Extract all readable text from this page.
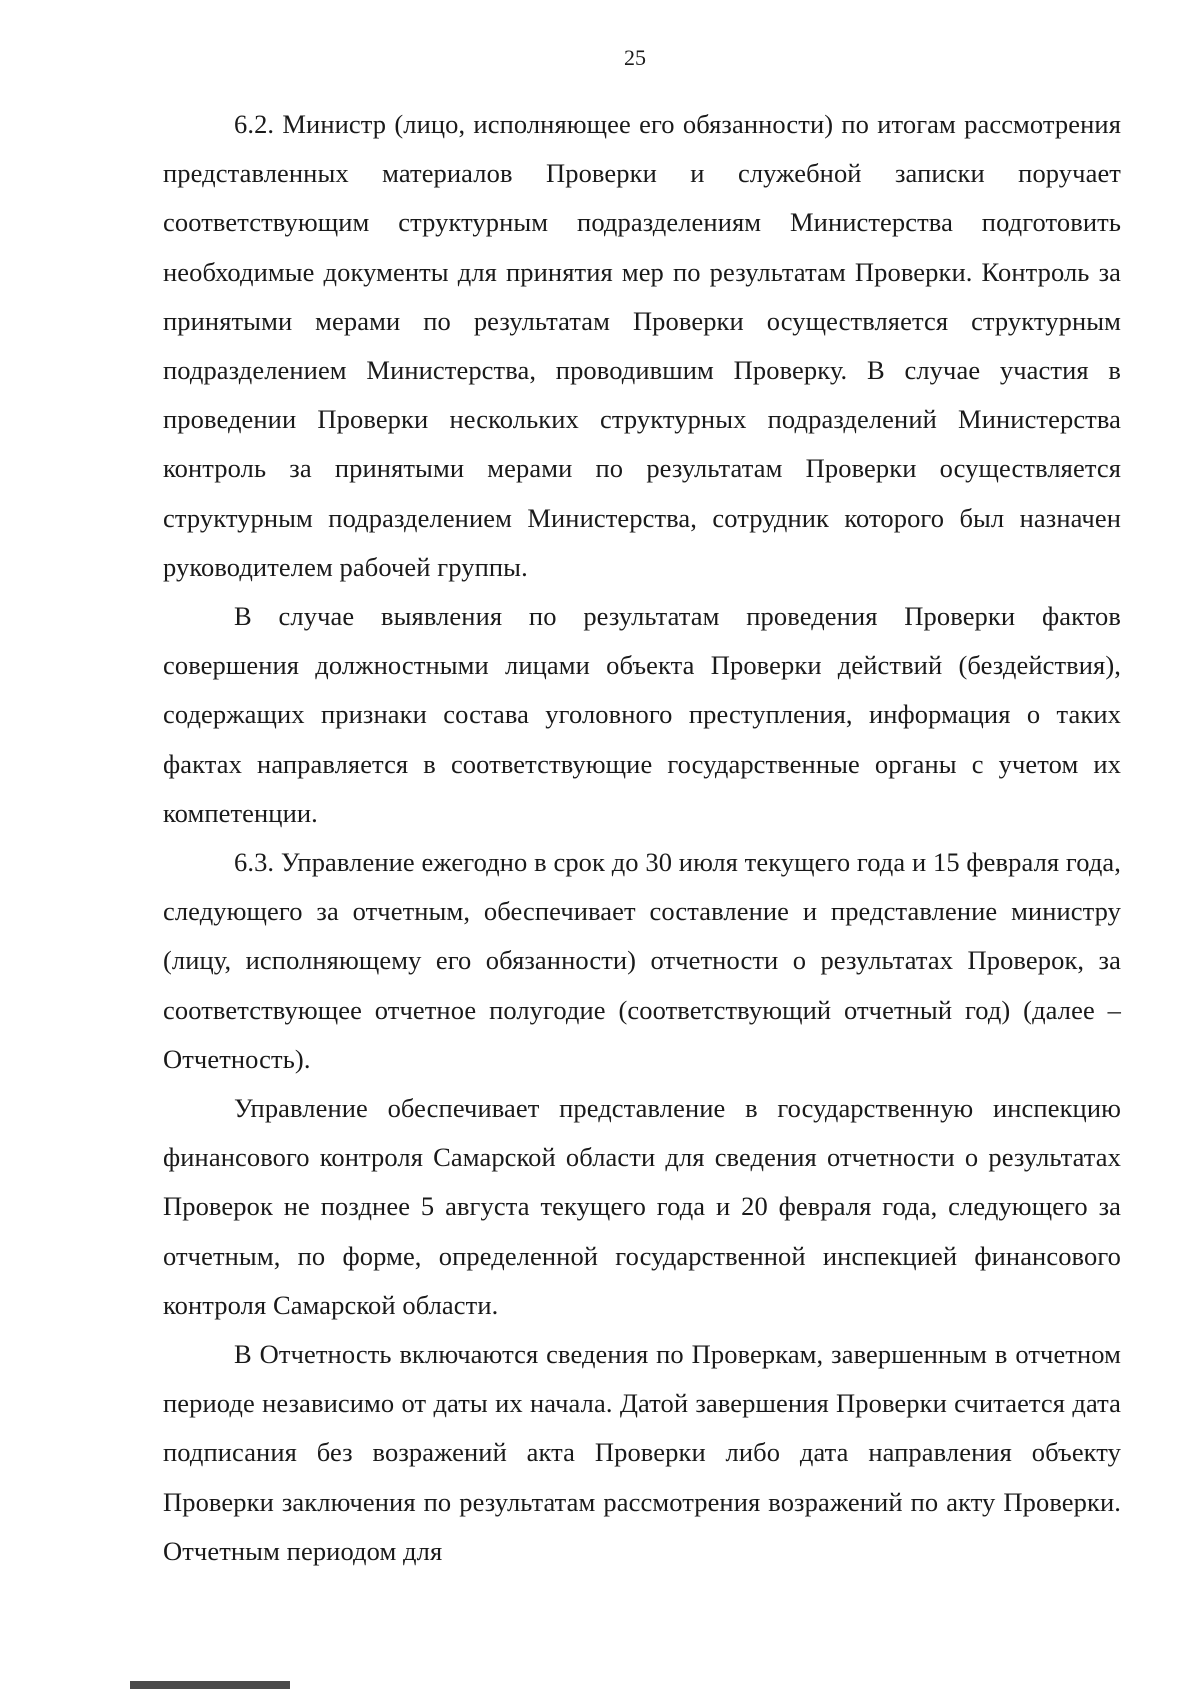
25

6.2. Министр (лицо, исполняющее его обязанности) по итогам рассмотрения представленных материалов Проверки и служебной записки поручает соответствующим структурным подразделениям Министерства подготовить необходимые документы для принятия мер по результатам Проверки. Контроль за принятыми мерами по результатам Проверки осуществляется структурным подразделением Министерства, проводившим Проверку. В случае участия в проведении Проверки нескольких структурных подразделений Министерства контроль за принятыми мерами по результатам Проверки осуществляется структурным подразделением Министерства, сотрудник которого был назначен руководителем рабочей группы.

В случае выявления по результатам проведения Проверки фактов совершения должностными лицами объекта Проверки действий (бездействия), содержащих признаки состава уголовного преступления, информация о таких фактах направляется в соответствующие государственные органы с учетом их компетенции.

6.3. Управление ежегодно в срок до 30 июля текущего года и 15 февраля года, следующего за отчетным, обеспечивает составление и представление министру (лицу, исполняющему его обязанности) отчетности о результатах Проверок, за соответствующее отчетное полугодие (соответствующий отчетный год) (далее – Отчетность).

Управление обеспечивает представление в государственную инспекцию финансового контроля Самарской области для сведения отчетности о результатах Проверок не позднее 5 августа текущего года и 20 февраля года, следующего за отчетным, по форме, определенной государственной инспекцией финансового контроля Самарской области.

В Отчетность включаются сведения по Проверкам, завершенным в отчетном периоде независимо от даты их начала. Датой завершения Проверки считается дата подписания без возражений акта Проверки либо дата направления объекту Проверки заключения по результатам рассмотрения возражений по акту Проверки. Отчетным периодом для
